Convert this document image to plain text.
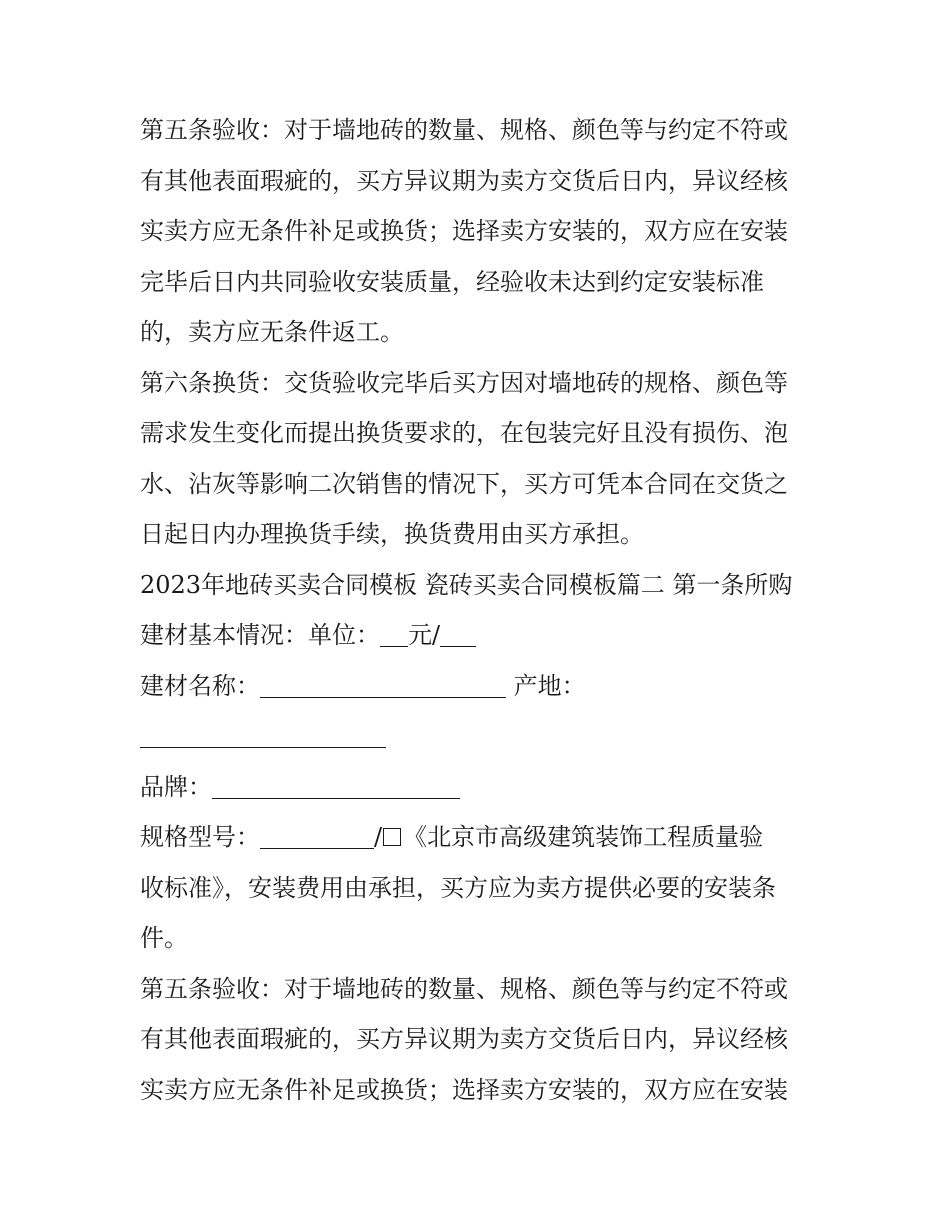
第五条验收：对于墙地砖的数量、规格、颜色等与约定不符或
有其他表面瑕疵的，买方异议期为卖方交货后日内，异议经核
实卖方应无条件补足或换货；选择卖方安装的，双方应在安装
完毕后日内共同验收安装质量，经验收未达到约定安装标准
的，卖方应无条件返工。
第六条换货：交货验收完毕后买方因对墙地砖的规格、颜色等
需求发生变化而提出换货要求的，在包装完好且没有损伤、泡
水、沾灰等影响二次销售的情况下，买方可凭本合同在交货之
日起日内办理换货手续，换货费用由买方承担。
2023年地砖买卖合同模板 瓷砖买卖合同模板篇二 第一条所购
建材基本情况：单位： 元/
建材名称：	产地：
品牌：
规格型号：	/ 《北京市高级建筑装饰工程质量验
收标准》，安装费用由承担，买方应为卖方提供必要的安装条
件。
第五条验收：对于墙地砖的数量、规格、颜色等与约定不符或
有其他表面瑕疵的，买方异议期为卖方交货后日内，异议经核
实卖方应无条件补足或换货；选择卖方安装的，双方应在安装
